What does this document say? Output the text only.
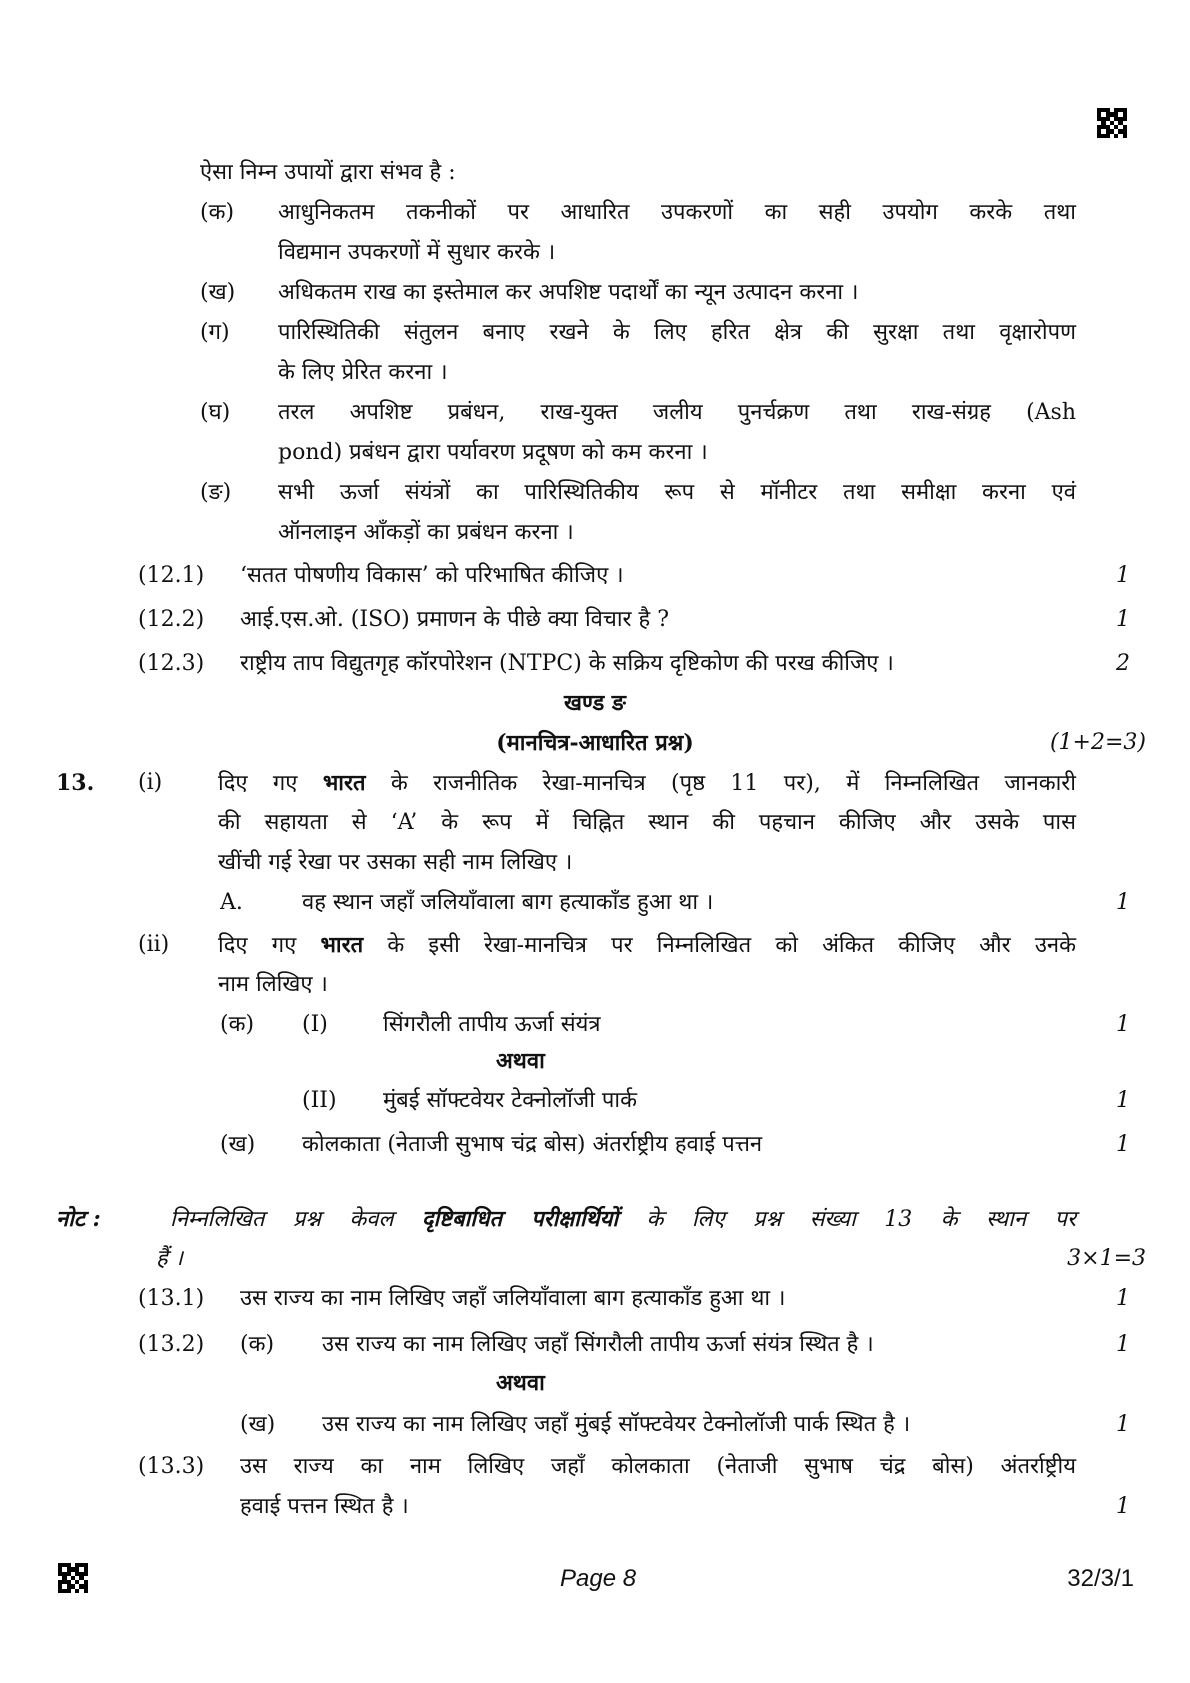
ऐसा निम्न उपायों द्वारा संभव है :
(क) आधुनिकतम तकनीकों पर आधारित उपकरणों का सही उपयोग करके तथा
विद्यमान उपकरणों में सुधार करके ।
(ख) अधिकतम राख का इस्तेमाल कर अपशिष्ट पदार्थों का न्यून उत्पादन करना ।
(ग) पारिस्थितिकी संतुलन बनाए रखने के लिए हरित क्षेत्र की सुरक्षा तथा वृक्षारोपण
के लिए प्रेरित करना ।
(घ) तरल अपशिष्ट प्रबंधन, राख-युक्त जलीय पुनर्चक्रण तथा राख-संग्रह (Ash
pond) प्रबंधन द्वारा पर्यावरण प्रदूषण को कम करना ।
(ङ) सभी ऊर्जा संयंत्रों का पारिस्थितिकीय रूप से मॉनीटर तथा समीक्षा करना एवं
ऑनलाइन आँकड़ों का प्रबंधन करना ।
(12.1) ‘सतत पोषणीय विकास’ को परिभाषित कीजिए ।	1
(12.2) आई.एस.ओ. (ISO) प्रमाणन के पीछे क्या विचार है ?	1
(12.3) राष्ट्रीय ताप विद्युतगृह कॉरपोरेशन (NTPC) के सक्रिय दृष्टिकोण की परख कीजिए ।	2
खण्ड ङ
(मानचित्र-आधारित प्रश्न)	(1+2=3)
13. (i)	दिए गए भारत के राजनीतिक रेखा-मानचित्र (पृष्ठ 11 पर), में निम्नलिखित जानकारी
की सहायता से ‘A’ के रूप में चिह्नित स्थान की पहचान कीजिए और उसके पास
खींची गई रेखा पर उसका सही नाम लिखिए ।
A.	वह स्थान जहाँ जलियाँवाला बाग हत्याकाँड हुआ था ।	1
(ii) दिए गए भारत के इसी रेखा-मानचित्र पर निम्नलिखित को अंकित कीजिए और उनके
नाम लिखिए ।
(क) (I)	सिंगरौली तापीय ऊर्जा संयंत्र	1
अथवा
(II) मुंबई सॉफ्टवेयर टेक्नोलॉजी पार्क	1
(ख) कोलकाता (नेताजी सुभाष चंद्र बोस) अंतर्राष्ट्रीय हवाई पत्तन	1
नोट :	निम्नलिखित प्रश्न केवल दृष्टिबाधित परीक्षार्थियों के लिए प्रश्न संख्या 13 के स्थान पर
हैं ।	3×1=3
(13.1) उस राज्य का नाम लिखिए जहाँ जलियाँवाला बाग हत्याकाँड हुआ था ।	1
(13.2) (क) उस राज्य का नाम लिखिए जहाँ सिंगरौली तापीय ऊर्जा संयंत्र स्थित है ।	1
अथवा
(ख) उस राज्य का नाम लिखिए जहाँ मुंबई सॉफ्टवेयर टेक्नोलॉजी पार्क स्थित है ।	1
(13.3) उस राज्य का नाम लिखिए जहाँ कोलकाता (नेताजी सुभाष चंद्र बोस) अंतर्राष्ट्रीय
हवाई पत्तन स्थित है ।	1
Page 8	32/3/1
